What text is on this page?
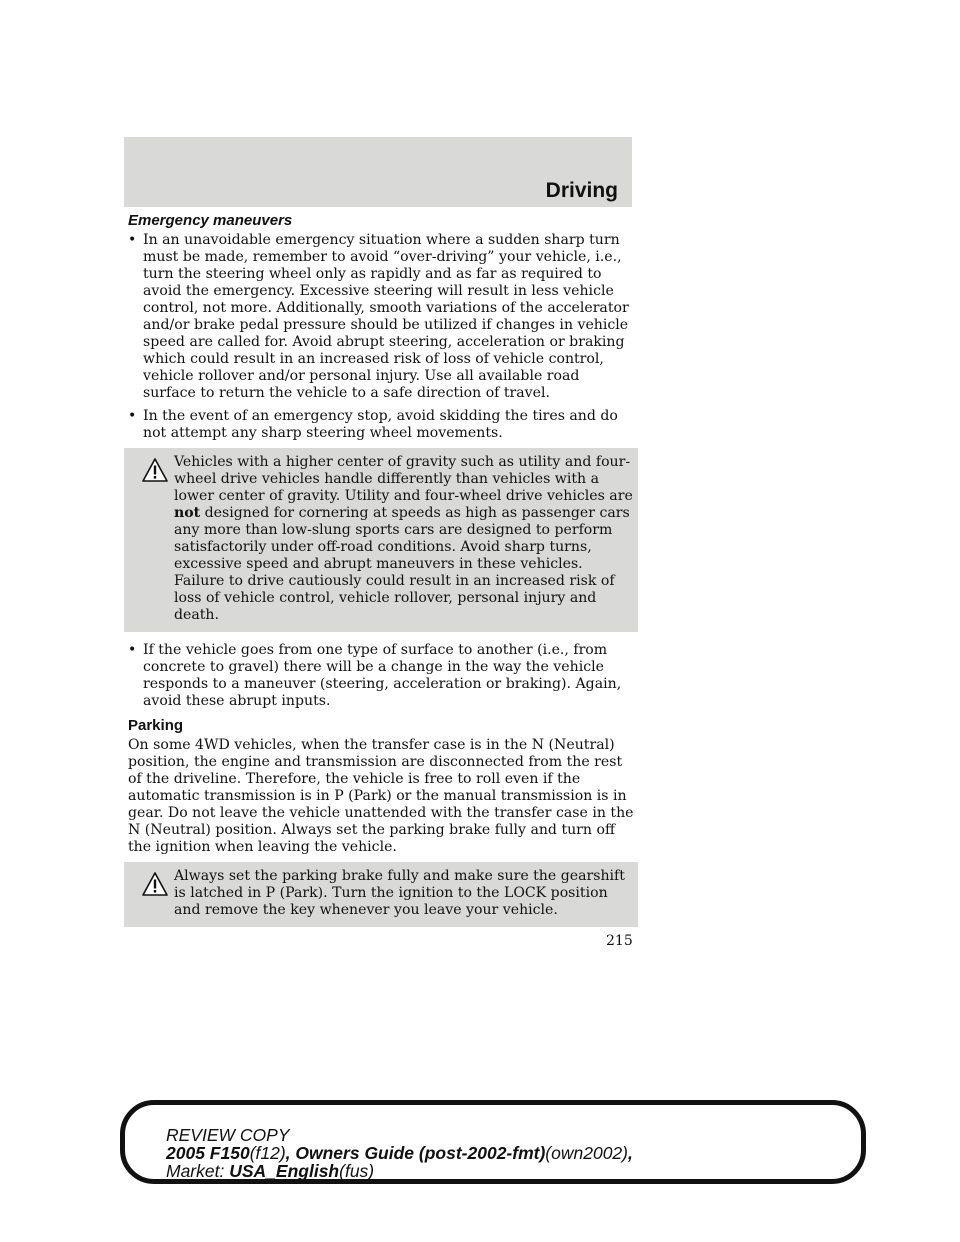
Driving
Emergency maneuvers
• In an unavoidable emergency situation where a sudden sharp turn must be made, remember to avoid “over-driving” your vehicle, i.e., turn the steering wheel only as rapidly and as far as required to avoid the emergency. Excessive steering will result in less vehicle control, not more. Additionally, smooth variations of the accelerator and/or brake pedal pressure should be utilized if changes in vehicle speed are called for. Avoid abrupt steering, acceleration or braking which could result in an increased risk of loss of vehicle control, vehicle rollover and/or personal injury. Use all available road surface to return the vehicle to a safe direction of travel.
• In the event of an emergency stop, avoid skidding the tires and do not attempt any sharp steering wheel movements.
Vehicles with a higher center of gravity such as utility and four-wheel drive vehicles handle differently than vehicles with a lower center of gravity. Utility and four-wheel drive vehicles are not designed for cornering at speeds as high as passenger cars any more than low-slung sports cars are designed to perform satisfactorily under off-road conditions. Avoid sharp turns, excessive speed and abrupt maneuvers in these vehicles. Failure to drive cautiously could result in an increased risk of loss of vehicle control, vehicle rollover, personal injury and death.
• If the vehicle goes from one type of surface to another (i.e., from concrete to gravel) there will be a change in the way the vehicle responds to a maneuver (steering, acceleration or braking). Again, avoid these abrupt inputs.
Parking
On some 4WD vehicles, when the transfer case is in the N (Neutral) position, the engine and transmission are disconnected from the rest of the driveline. Therefore, the vehicle is free to roll even if the automatic transmission is in P (Park) or the manual transmission is in gear. Do not leave the vehicle unattended with the transfer case in the N (Neutral) position. Always set the parking brake fully and turn off the ignition when leaving the vehicle.
Always set the parking brake fully and make sure the gearshift is latched in P (Park). Turn the ignition to the LOCK position and remove the key whenever you leave your vehicle.
215
REVIEW COPY
2005 F150(f12), Owners Guide (post-2002-fmt)(own2002),
Market: USA_English(fus)
